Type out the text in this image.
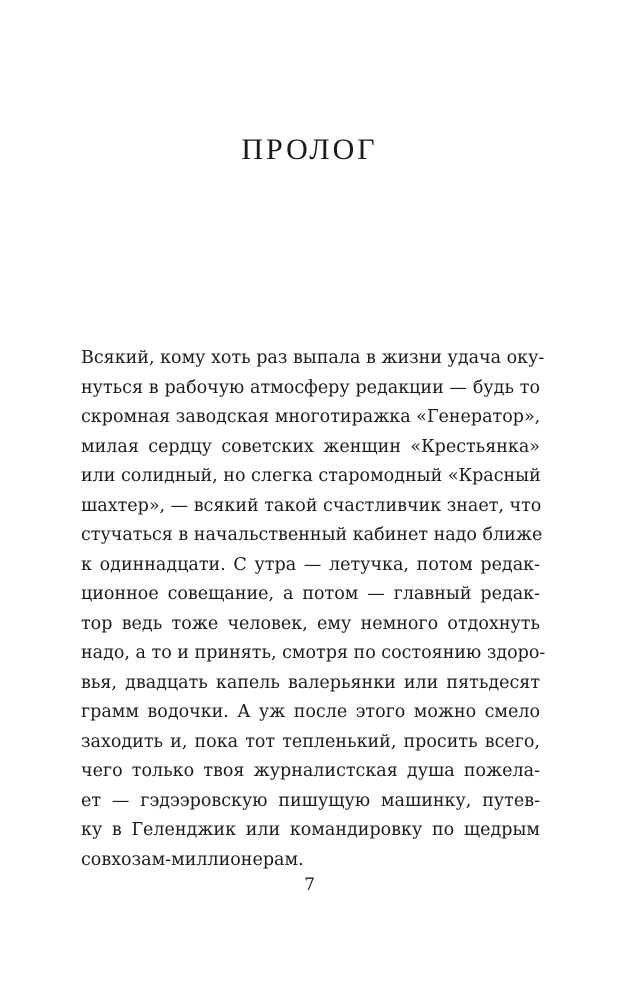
ПРОЛОГ
Всякий, кому хоть раз выпала в жизни удача оку-
нуться в рабочую атмосферу редакции — будь то
скромная заводская многотиражка «Генератор»,
милая сердцу советских женщин «Крестьянка»
или солидный, но слегка старомодный «Красный
шахтер», — всякий такой счастливчик знает, что
стучаться в начальственный кабинет надо ближе
к одиннадцати. С утра — летучка, потом редак-
ционное совещание, а потом — главный редак-
тор ведь тоже человек, ему немного отдохнуть
надо, а то и принять, смотря по состоянию здоро-
вья, двадцать капель валерьянки или пятьдесят
грамм водочки. А уж после этого можно смело
заходить и, пока тот тепленький, просить всего,
чего только твоя журналистская душа пожела-
ет — гэдээровскую пишущую машинку, путев-
ку в Геленджик или командировку по щедрым
совхозам-миллионерам.
7
